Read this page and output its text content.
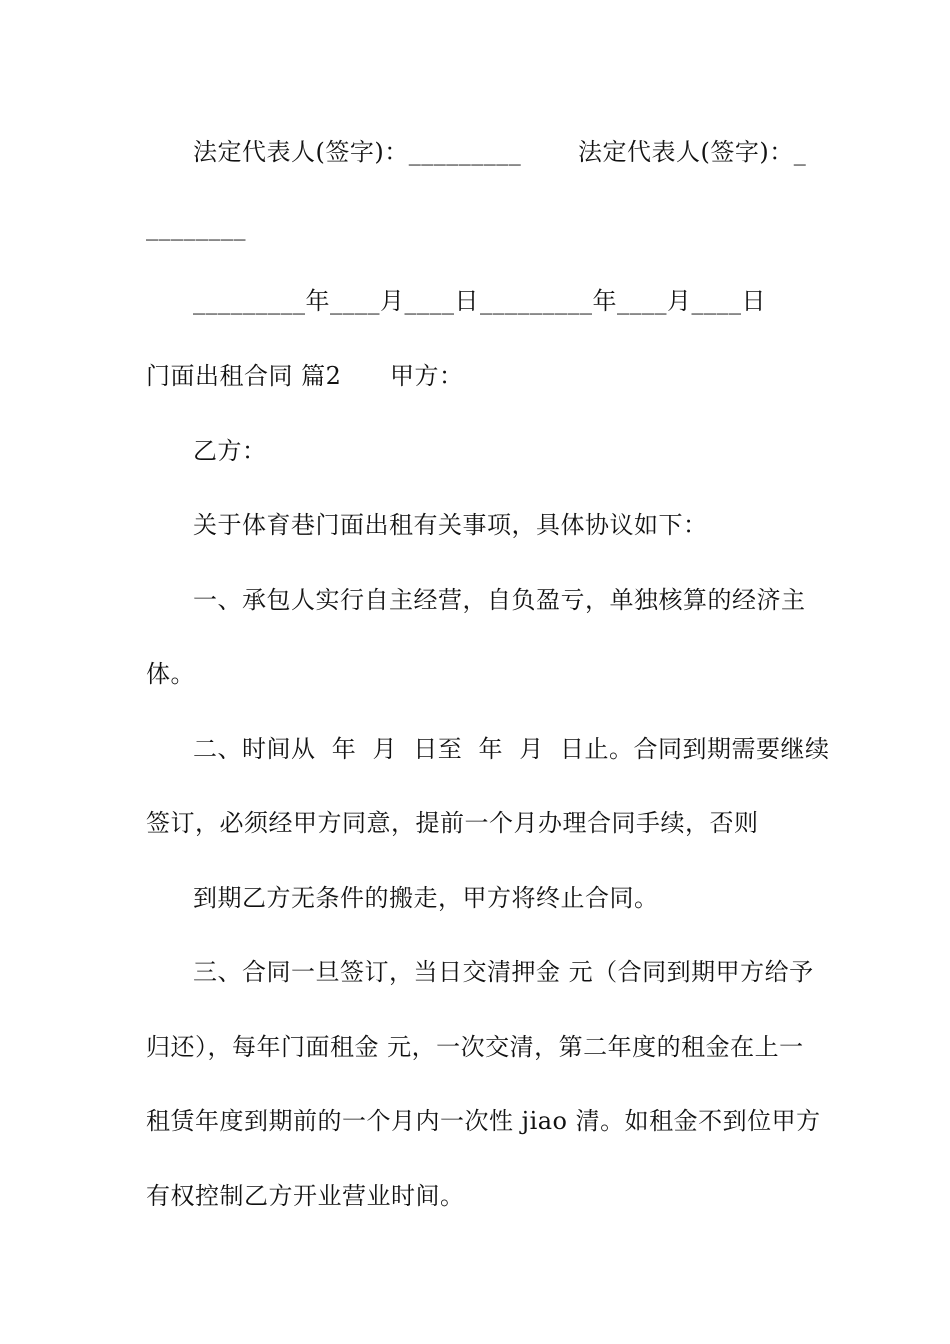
法定代表人(签字)：_________

法定代表人(签字)：_

________

_________年____月____日

_________年____月____日

门面出租合同 篇2

甲方：

乙方：
关于体育巷门面出租有关事项，具体协议如下：
一、承包人实行自主经营，自负盈亏，单独核算的经济主
体。
二、时间从  年  月  日至  年  月  日止。合同到期需要继续
签订，必须经甲方同意，提前一个月办理合同手续，否则
到期乙方无条件的搬走，甲方将终止合同。
三、合同一旦签订，当日交清押金 元（合同到期甲方给予
归还），每年门面租金 元，一次交清，第二年度的租金在上一
租赁年度到期前的一个月内一次性 jiao 清。如租金不到位甲方
有权控制乙方开业营业时间。
